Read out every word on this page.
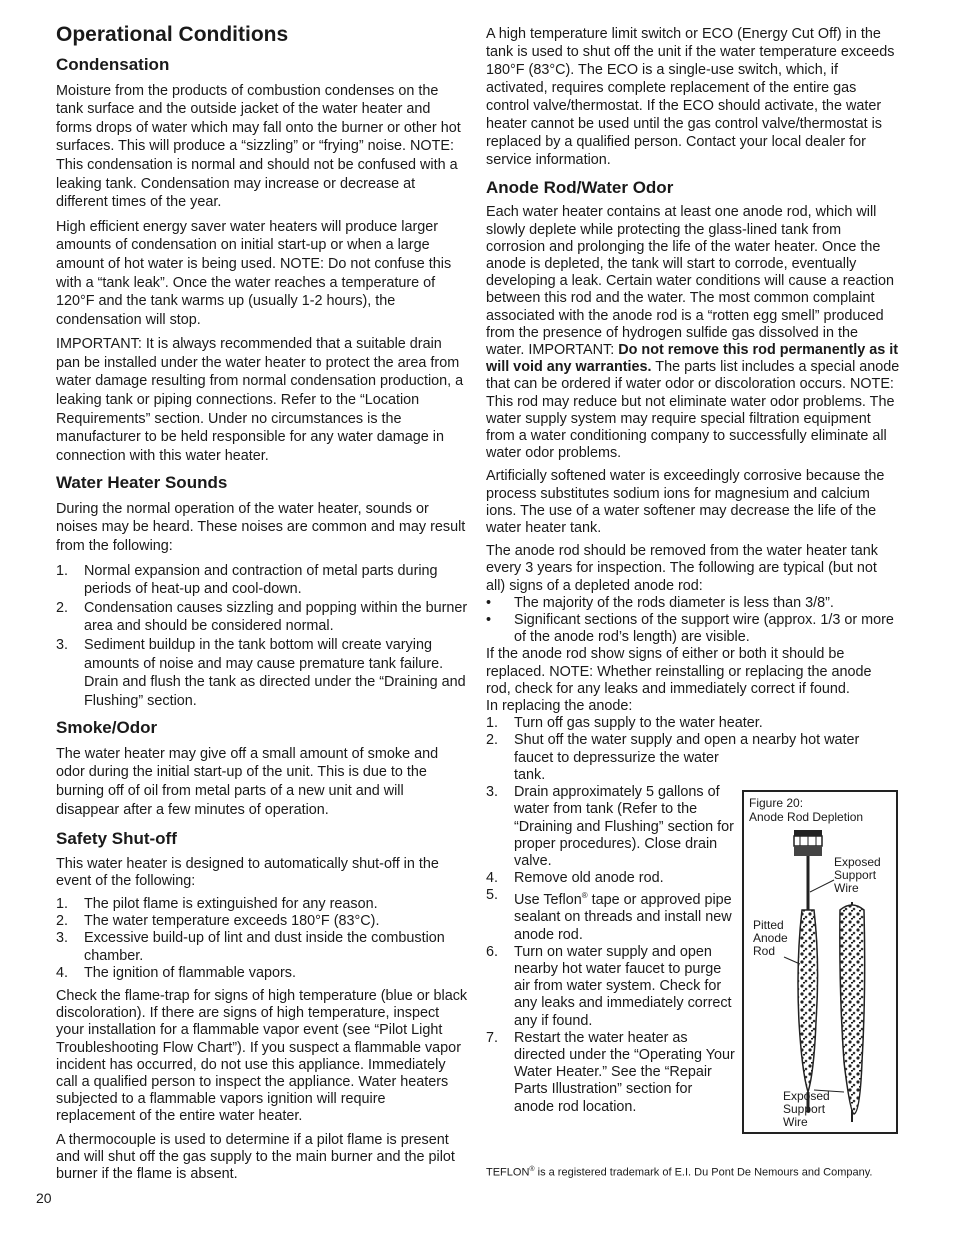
Operational Conditions
Condensation

Moisture from the products of combustion condenses on the tank surface and the outside jacket of the water heater and forms drops of water which may fall onto the burner or other hot surfaces. This will produce a “sizzling” or “frying” noise. NOTE: This condensation is normal and should not be confused with a leaking tank. Condensation may increase or decrease at different times of the year.

High efficient energy saver water heaters will produce larger amounts of condensation on initial start-up or when a large amount of hot water is being used. NOTE: Do not confuse this with a “tank leak”. Once the water reaches a temperature of 120°F and the tank warms up (usually 1-2 hours), the condensation will stop.

IMPORTANT: It is always recommended that a suitable drain pan be installed under the water heater to protect the area from water damage resulting from normal condensation production, a leaking tank or piping connections. Refer to the “Location Requirements” section. Under no circumstances is the manufacturer to be held responsible for any water damage in connection with this water heater.

Water Heater Sounds

During the normal operation of the water heater, sounds or noises may be heard. These noises are common and may result from the following:

1. Normal expansion and contraction of metal parts during periods of heat-up and cool-down.
2. Condensation causes sizzling and popping within the burner area and should be considered normal.
3. Sediment buildup in the tank bottom will create varying amounts of noise and may cause premature tank failure. Drain and flush the tank as directed under the “Draining and Flushing” section.
Smoke/Odor

The water heater may give off a small amount of smoke and odor during the initial start-up of the unit. This is due to the burning off of oil from metal parts of a new unit and will disappear after a few minutes of operation.

Safety Shut-off

This water heater is designed to automatically shut-off in the event of the following:

1. The pilot flame is extinguished for any reason.
2. The water temperature exceeds 180°F (83°C).
3. Excessive build-up of lint and dust inside the combustion chamber.
4. The ignition of flammable vapors.

Check the flame-trap for signs of high temperature (blue or black discoloration). If there are signs of high temperature, inspect your installation for a flammable vapor event (see “Pilot Light Troubleshooting Flow Chart”). If you suspect a flammable vapor incident has occurred, do not use this appliance. Immediately call a qualified person to inspect the appliance. Water heaters subjected to a flammable vapors ignition will require replacement of the entire water heater.

A thermocouple is used to determine if a pilot flame is present and will shut off the gas supply to the main burner and the pilot burner if the flame is absent.

A high temperature limit switch or ECO (Energy Cut Off) in the tank is used to shut off the unit if the water temperature exceeds 180°F (83°C). The ECO is a single-use switch, which, if activated, requires complete replacement of the entire gas control valve/thermostat. If the ECO should activate, the water heater cannot be used until the gas control valve/thermostat is replaced by a qualified person. Contact your local dealer for service information.

Anode Rod/Water Odor

Each water heater contains at least one anode rod, which will slowly deplete while protecting the glass-lined tank from corrosion and prolonging the life of the water heater. Once the anode is depleted, the tank will start to corrode, eventually developing a leak. Certain water conditions will cause a reaction between this rod and the water. The most common complaint associated with the anode rod is a “rotten egg smell” produced from the presence of hydrogen sulfide gas dissolved in the water. IMPORTANT: Do not remove this rod permanently as it will void any warranties. The parts list includes a special anode that can be ordered if water odor or discoloration occurs. NOTE: This rod may reduce but not eliminate water odor problems. The water supply system may require special filtration equipment from a water conditioning company to successfully eliminate all water odor problems.

Artificially softened water is exceedingly corrosive because the process substitutes sodium ions for magnesium and calcium ions. The use of a water softener may decrease the life of the water heater tank.

The anode rod should be removed from the water heater tank every 3 years for inspection. The following are typical (but not all) signs of a depleted anode rod:

• The majority of the rods diameter is less than 3/8”.
• Significant sections of the support wire (approx. 1/3 or more of the anode rod’s length) are visible.

If the anode rod show signs of either or both it should be replaced. NOTE: Whether reinstalling or replacing the anode rod, check for any leaks and immediately correct if found.

In replacing the anode:

1. Turn off gas supply to the water heater.
2. Shut off the water supply and open a nearby hot water
faucet to depressurize the water tank.
3. Drain approximately 5 gallons of water from tank (Refer to the “Draining and Flushing” section for proper procedures). Close drain valve.
4. Remove old anode rod.
5. Use Teflon® tape or approved pipe sealant on threads and install new anode rod.
6. Turn on water supply and open nearby hot water faucet to purge air from water system. Check for any leaks and immediately correct any if found.
7. Restart the water heater as directed under the “Operating Your Water Heater.” See the “Repair Parts Illustration” section for anode rod location.
Figure 20:
Anode Rod Depletion
Exposed
Support
Wire
Pitted
Anode
Rod
Exposed
Support
Wire
TEFLON® is a registered trademark of E.I. Du Pont De Nemours and Company.
20
